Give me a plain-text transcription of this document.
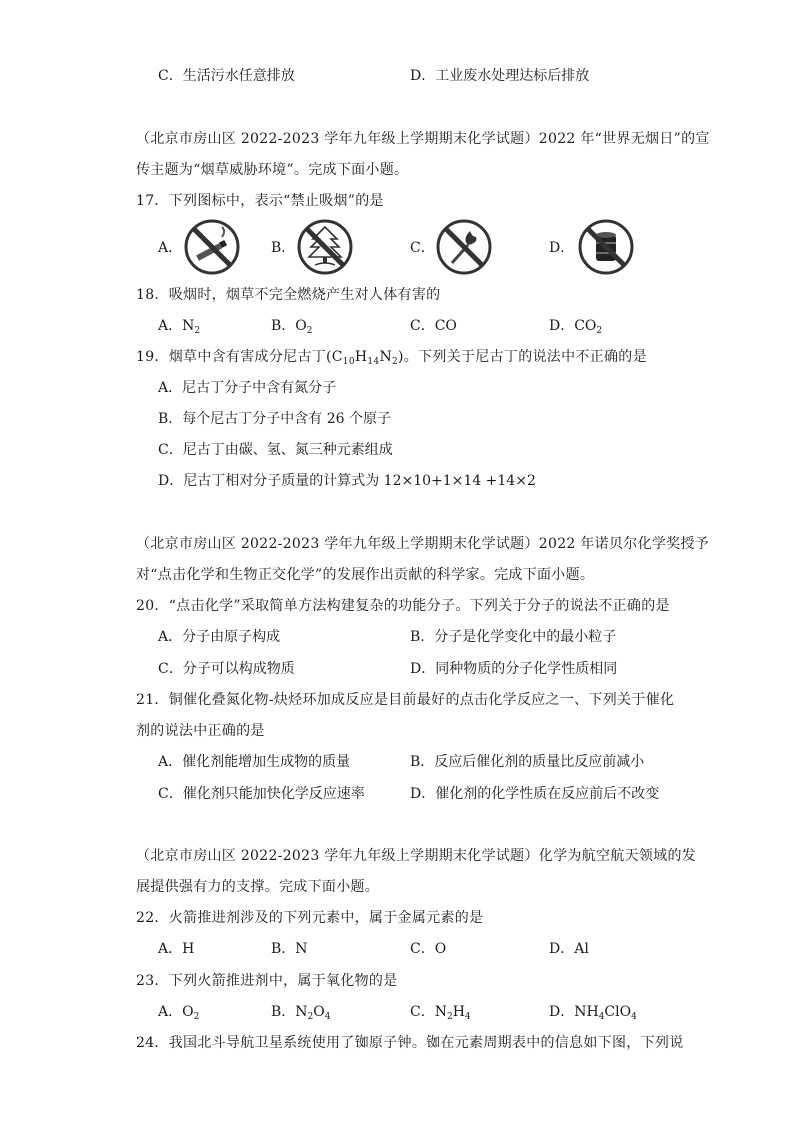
C．生活污水任意排放	D．工业废水处理达标后排放
（北京市房山区 2022-2023 学年九年级上学期期末化学试题）2022 年“世界无烟日”的宣
传主题为“烟草威胁环境”。完成下面小题。
17．下列图标中，表示“禁止吸烟”的是
A．	B．	C．	D．
18．吸烟时，烟草不完全燃烧产生对人体有害的
A．$N_2$	B．$O_2$	C．CO	D．$CO_2$
19．烟草中含有害成分尼古丁$(C_{10}H_{14}N_2)$。下列关于尼古丁的说法中不正确的是
A．尼古丁分子中含有氮分子
B．每个尼古丁分子中含有 26 个原子
C．尼古丁由碳、氢、氮三种元素组成
D．尼古丁相对分子质量的计算式为 12×10+1×14 +14×2
（北京市房山区 2022-2023 学年九年级上学期期末化学试题）2022 年诺贝尔化学奖授予
对“点击化学和生物正交化学”的发展作出贡献的科学家。完成下面小题。
20．“点击化学”采取简单方法构建复杂的功能分子。下列关于分子的说法不正确的是
A．分子由原子构成	B．分子是化学变化中的最小粒子
C．分子可以构成物质	D．同种物质的分子化学性质相同
21．铜催化叠氮化物-炔烃环加成反应是目前最好的点击化学反应之一、下列关于催化
剂的说法中正确的是
A．催化剂能增加生成物的质量	B．反应后催化剂的质量比反应前减小
C．催化剂只能加快化学反应速率	D．催化剂的化学性质在反应前后不改变
（北京市房山区 2022-2023 学年九年级上学期期末化学试题）化学为航空航天领域的发
展提供强有力的支撑。完成下面小题。
22．火箭推进剂涉及的下列元素中，属于金属元素的是
A．H	B．N	C．O	D．Al
23．下列火箭推进剂中，属于氧化物的是
A．$O_2$	B．$N_2O_4$	C．$N_2H_4$	D．$NH_4ClO_4$
24．我国北斗导航卫星系统使用了铷原子钟。铷在元素周期表中的信息如下图，下列说
